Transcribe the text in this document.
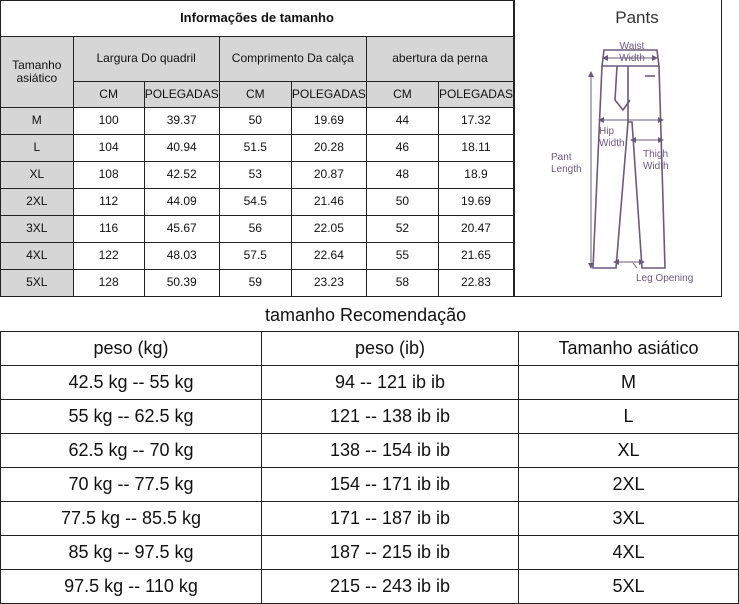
Informações de tamanho						
Tamanho asiático	Largura Do quadril		Comprimento Da calça		abertura da perna	
	CM	POLEGADAS	CM	POLEGADAS	CM	POLEGADAS
M	100	39.37	50	19.69	44	17.32
L	104	40.94	51.5	20.28	46	18.11
XL	108	42.52	53	20.87	48	18.9
2XL	112	44.09	54.5	21.46	50	19.69
3XL	116	45.67	56	22.05	52	20.47
4XL	122	48.03	57.5	22.64	55	21.65
5XL	128	50.39	59	23.23	58	22.83
Pants
Waist
Width
Hip
Width
Thigh
Width
Pant
Length
Leg Opening
tamanho Recomendação
peso (kg)	peso (ib)	Tamanho asiático
42.5 kg -- 55 kg	94 -- 121 ib ib	M
55 kg -- 62.5 kg	121 -- 138 ib ib	L
62.5 kg -- 70 kg	138 -- 154 ib ib	XL
70 kg -- 77.5 kg	154 -- 171 ib ib	2XL
77.5 kg -- 85.5 kg	171 -- 187 ib ib	3XL
85 kg -- 97.5 kg	187 -- 215 ib ib	4XL
97.5 kg -- 110 kg	215 -- 243 ib ib	5XL
